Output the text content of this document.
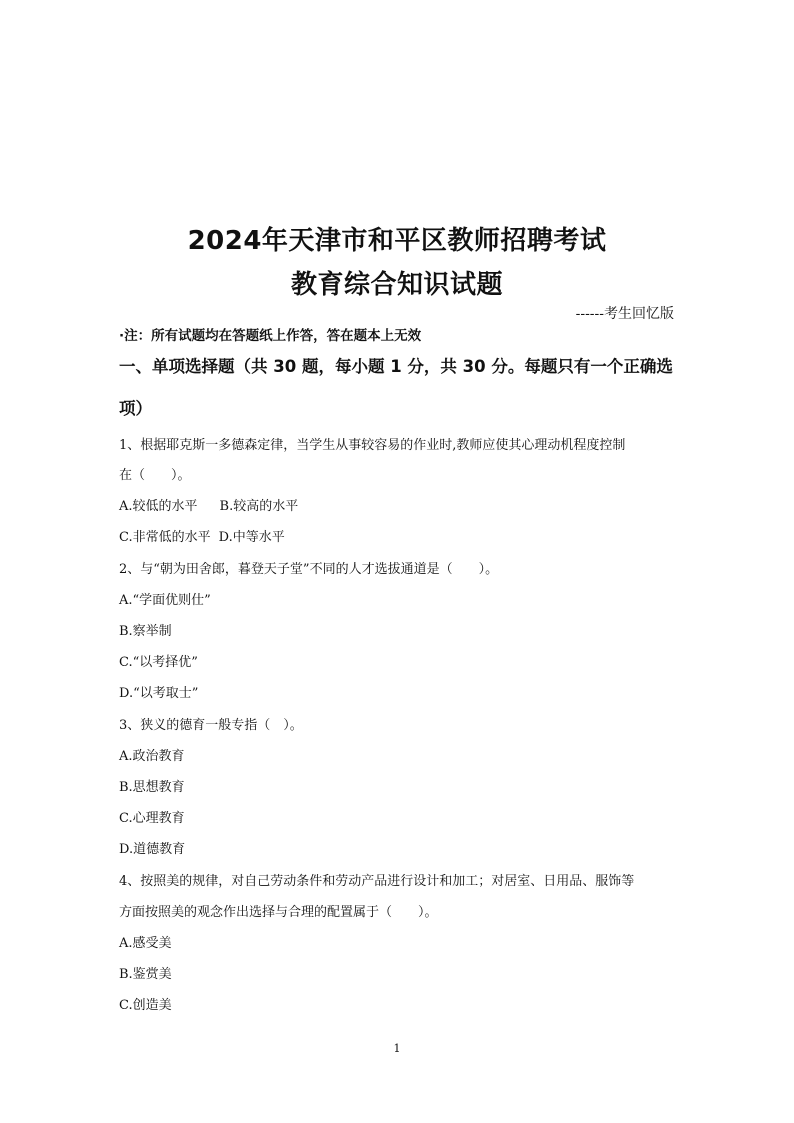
2024年天津市和平区教师招聘考试
教育综合知识试题
------考生回忆版
·注：所有试题均在答题纸上作答，答在题本上无效
一、单项选择题（共 30 题，每小题 1 分，共 30 分。每题只有一个正确选项）
1、根据耶克斯一多德森定律，当学生从事较容易的作业时,教师应使其心理动机程度控制
在（　　）。
A.较低的水平 B.较高的水平
C.非常低的水平 D.中等水平
2、与“朝为田舍郎，暮登天子堂”不同的人才选拔通道是（　　）。
A.“学面优则仕”
B.察举制
C.“以考择优”
D.“以考取士”
3、狭义的德育一般专指（　）。
A.政治教育
B.思想教育
C.心理教育
D.道德教育
4、按照美的规律，对自己劳动条件和劳动产品进行设计和加工；对居室、日用品、服饰等
方面按照美的观念作出选择与合理的配置属于（　　）。
A.感受美
B.鉴赏美
C.创造美
1
